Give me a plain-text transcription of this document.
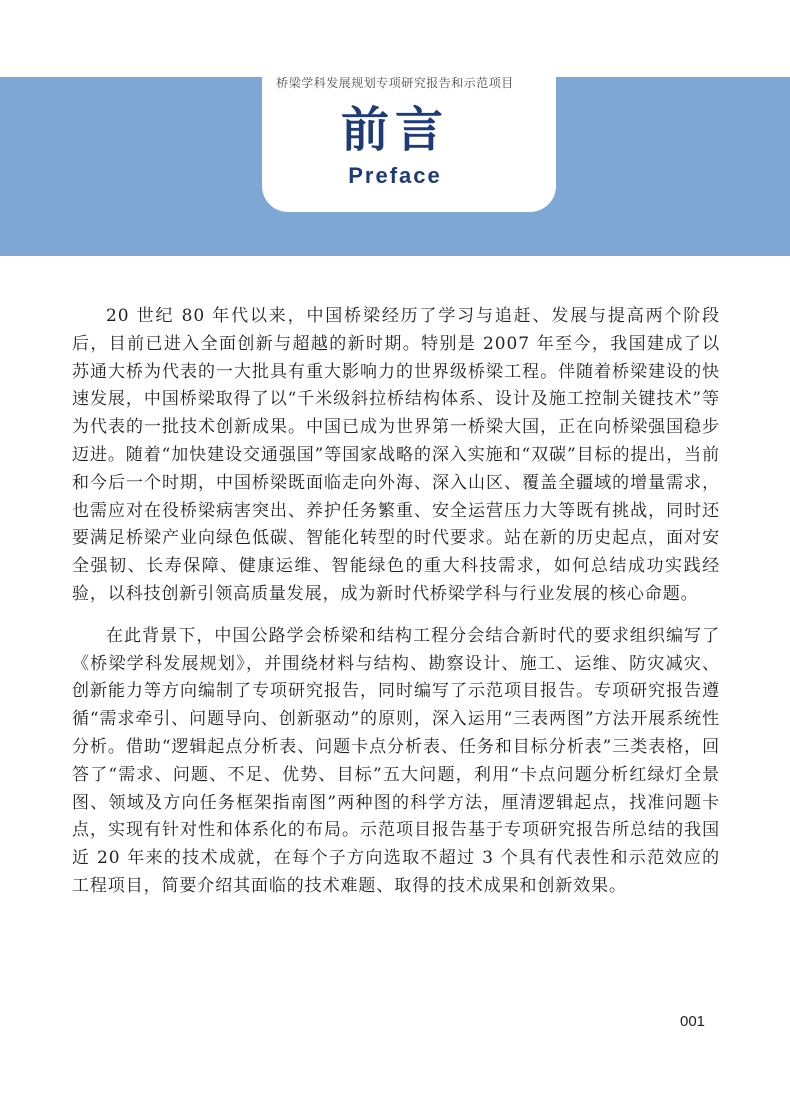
桥梁学科发展规划专项研究报告和示范项目
前言
Preface

20 世纪 80 年代以来，中国桥梁经历了学习与追赶、发展与提高两个阶段后，目前已进入全面创新与超越的新时期。特别是 2007 年至今，我国建成了以苏通大桥为代表的一大批具有重大影响力的世界级桥梁工程。伴随着桥梁建设的快速发展，中国桥梁取得了以“千米级斜拉桥结构体系、设计及施工控制关键技术”等为代表的一批技术创新成果。中国已成为世界第一桥梁大国，正在向桥梁强国稳步迈进。随着“加快建设交通强国”等国家战略的深入实施和“双碳”目标的提出，当前和今后一个时期，中国桥梁既面临走向外海、深入山区、覆盖全疆域的增量需求，也需应对在役桥梁病害突出、养护任务繁重、安全运营压力大等既有挑战，同时还要满足桥梁产业向绿色低碳、智能化转型的时代要求。站在新的历史起点，面对安全强韧、长寿保障、健康运维、智能绿色的重大科技需求，如何总结成功实践经验，以科技创新引领高质量发展，成为新时代桥梁学科与行业发展的核心命题。

在此背景下，中国公路学会桥梁和结构工程分会结合新时代的要求组织编写了《桥梁学科发展规划》，并围绕材料与结构、勘察设计、施工、运维、防灾减灾、创新能力等方向编制了专项研究报告，同时编写了示范项目报告。专项研究报告遵循“需求牵引、问题导向、创新驱动”的原则，深入运用“三表两图”方法开展系统性分析。借助“逻辑起点分析表、问题卡点分析表、任务和目标分析表”三类表格，回答了“需求、问题、不足、优势、目标”五大问题，利用“卡点问题分析红绿灯全景图、领域及方向任务框架指南图”两种图的科学方法，厘清逻辑起点，找准问题卡点，实现有针对性和体系化的布局。示范项目报告基于专项研究报告所总结的我国近 20 年来的技术成就，在每个子方向选取不超过 3 个具有代表性和示范效应的工程项目，简要介绍其面临的技术难题、取得的技术成果和创新效果。

001
